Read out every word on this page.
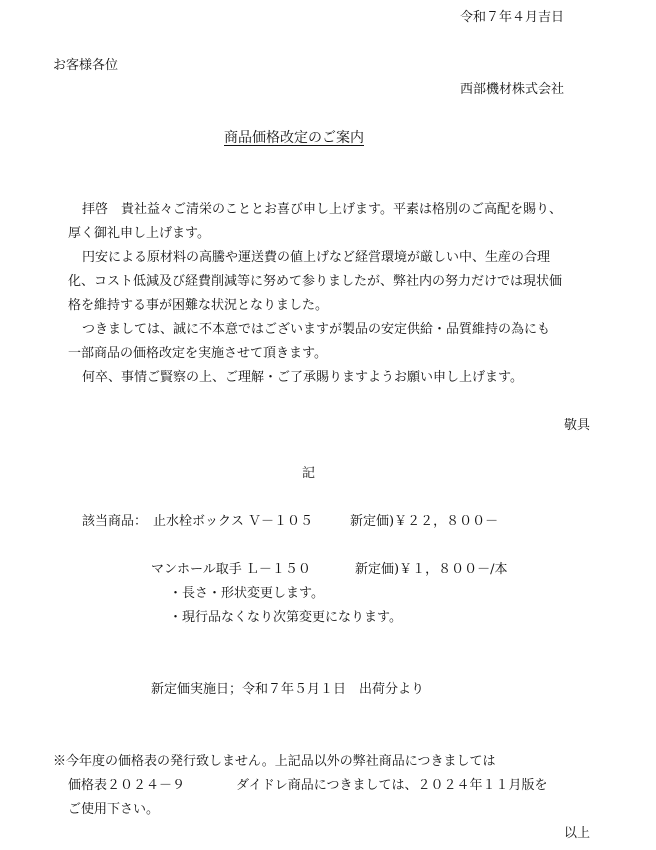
令和７年４月吉日
お客様各位
西部機材株式会社
商品価格改定のご案内
拝啓　貴社益々ご清栄のこととお喜び申し上げます。平素は格別のご高配を賜り、
厚く御礼申し上げます。
円安による原材料の高騰や運送費の値上げなど経営環境が厳しい中、生産の合理
化、コスト低減及び経費削減等に努めて参りましたが、弊社内の努力だけでは現状価
格を維持する事が困難な状況となりました。
つきましては、誠に不本意ではございますが製品の安定供給・品質維持の為にも
一部商品の価格改定を実施させて頂きます。
何卒、事情ご賢察の上、ご理解・ご了承賜りますようお願い申し上げます。
敬具
記
該当商品： 止水栓ボックス Ｖ－１０５	新定価)￥２２，８００－
マンホール取手 Ｌ－１５０	新定価)￥１，８００－/本
・長さ・形状変更します。
・現行品なくなり次第変更になります。
新定価実施日；令和７年５月１日　出荷分より
※今年度の価格表の発行致しません。上記品以外の弊社商品につきましては
価格表２０２４－９	ダイドレ商品につきましては、２０２４年１１月版を
ご使用下さい。
以上
